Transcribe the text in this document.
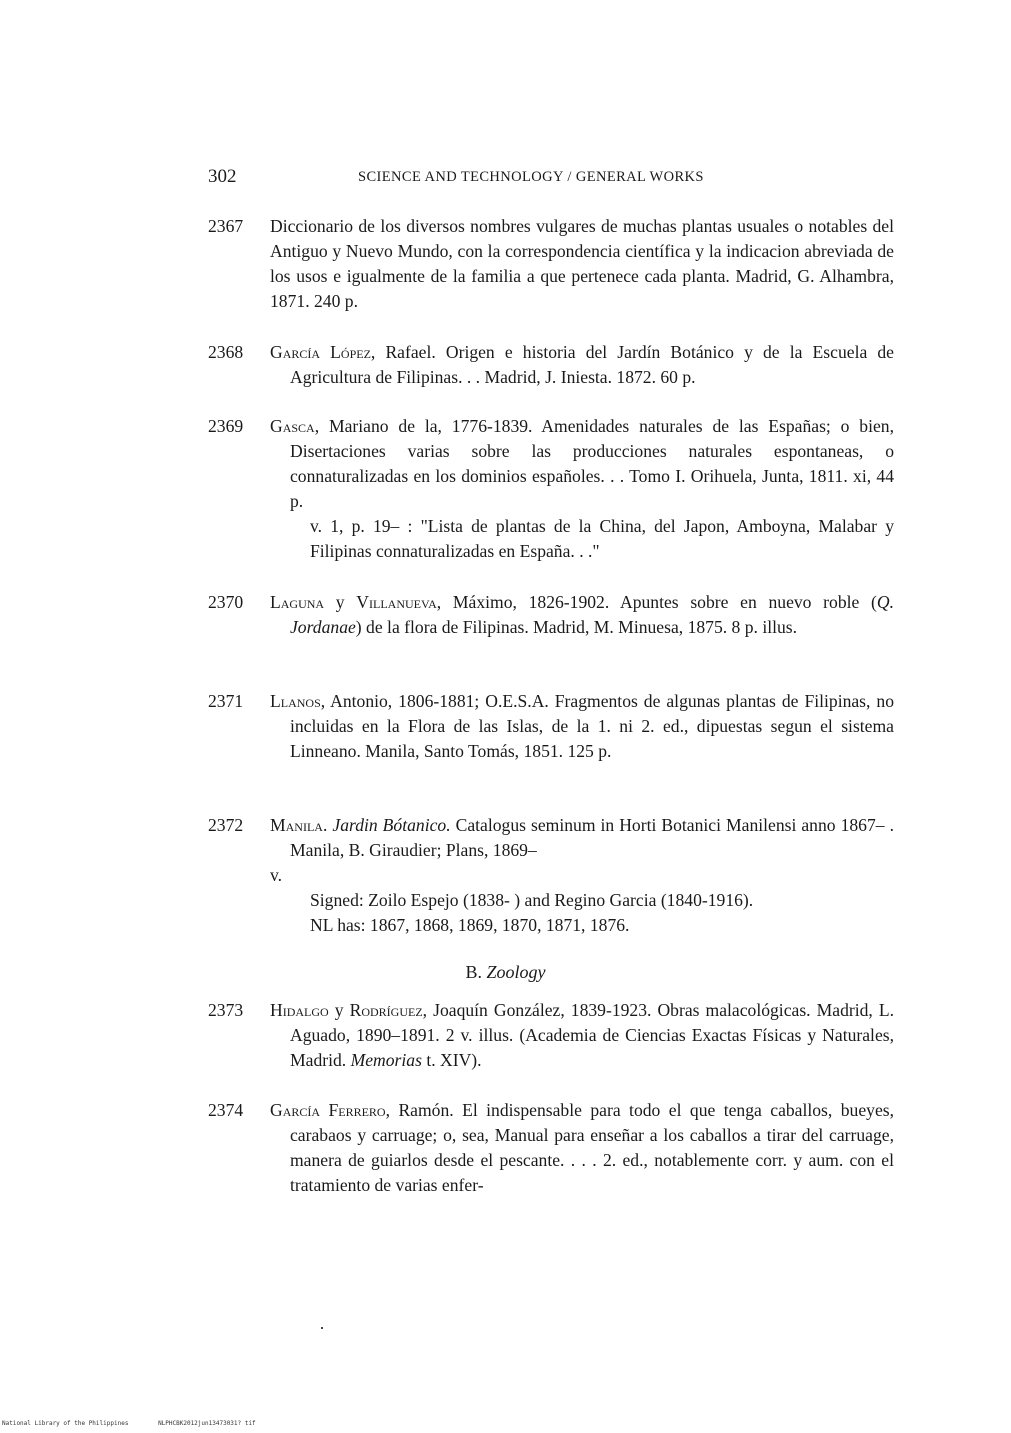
302	SCIENCE AND TECHNOLOGY / GENERAL WORKS
2367	Diccionario de los diversos nombres vulgares de muchas plantas usuales o notables del Antiguo y Nuevo Mundo, con la correspondencia científica y la indicacion abreviada de los usos e igualmente de la familia a que pertenece cada planta. Madrid, G. Alhambra, 1871. 240 p.

2368	García López, Rafael. Origen e historia del Jardín Botánico y de la Escuela de Agricultura de Filipinas. . . Madrid, J. Iniesta. 1872. 60 p.

2369	Gasca, Mariano de la, 1776-1839. Amenidades naturales de las Españas; o bien, Disertaciones varias sobre las producciones naturales espontaneas, o connaturalizadas en los dominios españoles. . . Tomo I. Orihuela, Junta, 1811. xi, 44 p.

v. 1, p. 19– : "Lista de plantas de la China, del Japon, Amboyna, Malabar y Filipinas connaturalizadas en España. . ."

2370	Laguna y Villanueva, Máximo, 1826-1902. Apuntes sobre en nuevo roble (Q. Jordanae) de la flora de Filipinas. Madrid, M. Minuesa, 1875. 8 p. illus.

2371	Llanos, Antonio, 1806-1881; O.E.S.A. Fragmentos de algunas plantas de Filipinas, no incluidas en la Flora de las Islas, de la 1. ni 2. ed., dipuestas segun el sistema Linneano. Manila, Santo Tomás, 1851. 125 p.

2372	Manila. Jardin Bótanico. Catalogus seminum in Horti Botanici Manilensi anno 1867– . Manila, B. Giraudier; Plans, 1869–

v.

Signed: Zoilo Espejo (1838- ) and Regino Garcia (1840-1916).

NL has: 1867, 1868, 1869, 1870, 1871, 1876.

B. Zoology
2373	Hidalgo y Rodríguez, Joaquín González, 1839-1923. Obras malacológicas. Madrid, L. Aguado, 1890–1891. 2 v. illus. (Academia de Ciencias Exactas Físicas y Naturales, Madrid. Memorias t. XIV).

2374	García Ferrero, Ramón. El indispensable para todo el que tenga caballos, bueyes, carabaos y carruage; o, sea, Manual para enseñar a los caballos a tirar del carruage, manera de guiarlos desde el pescante. . . . 2. ed., notablemente corr. y aum. con el tratamiento de varias enfer-

National Library of the Philippines	NLPHCBK2012jun13473031? tif
